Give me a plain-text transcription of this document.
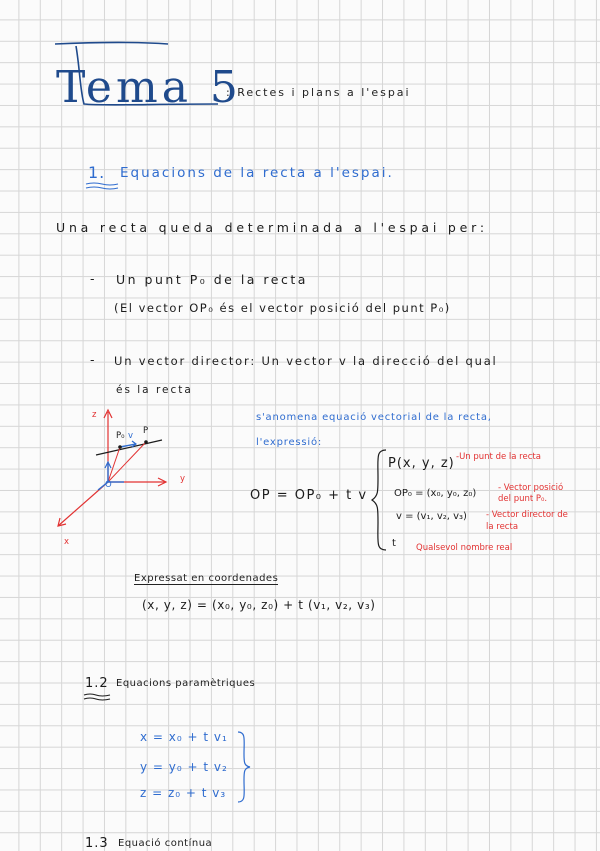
Tema 5
: Rectes i plans a l'espai
1. Equacions de la recta a l'espai.
Una recta queda determinada a l'espai per:
- Un punt P₀ de la recta
(El vector OP₀ és el vector posició del punt P₀)
- Un vector director: Un vector v la direcció del qual
és la recta
z
y
x
P₀ P
v
O
s'anomena equació vectorial de la recta,
l'expressió:
OP = OP₀ + t v
P(x, y, z) -Un punt de la recta
OP₀ = (x₀, y₀, z₀)	- Vector posició del punt P₀.
v = (v₁, v₂, v₃) - Vector director de la recta
t Qualsevol nombre real
Expressat en coordenades
(x, y, z) = (x₀, y₀, z₀) + t (v₁, v₂, v₃)
1.2 Equacions paramètriques
x = x₀ + t v₁
y = y₀ + t v₂
z = z₀ + t v₃
1.3 Equació contínua
